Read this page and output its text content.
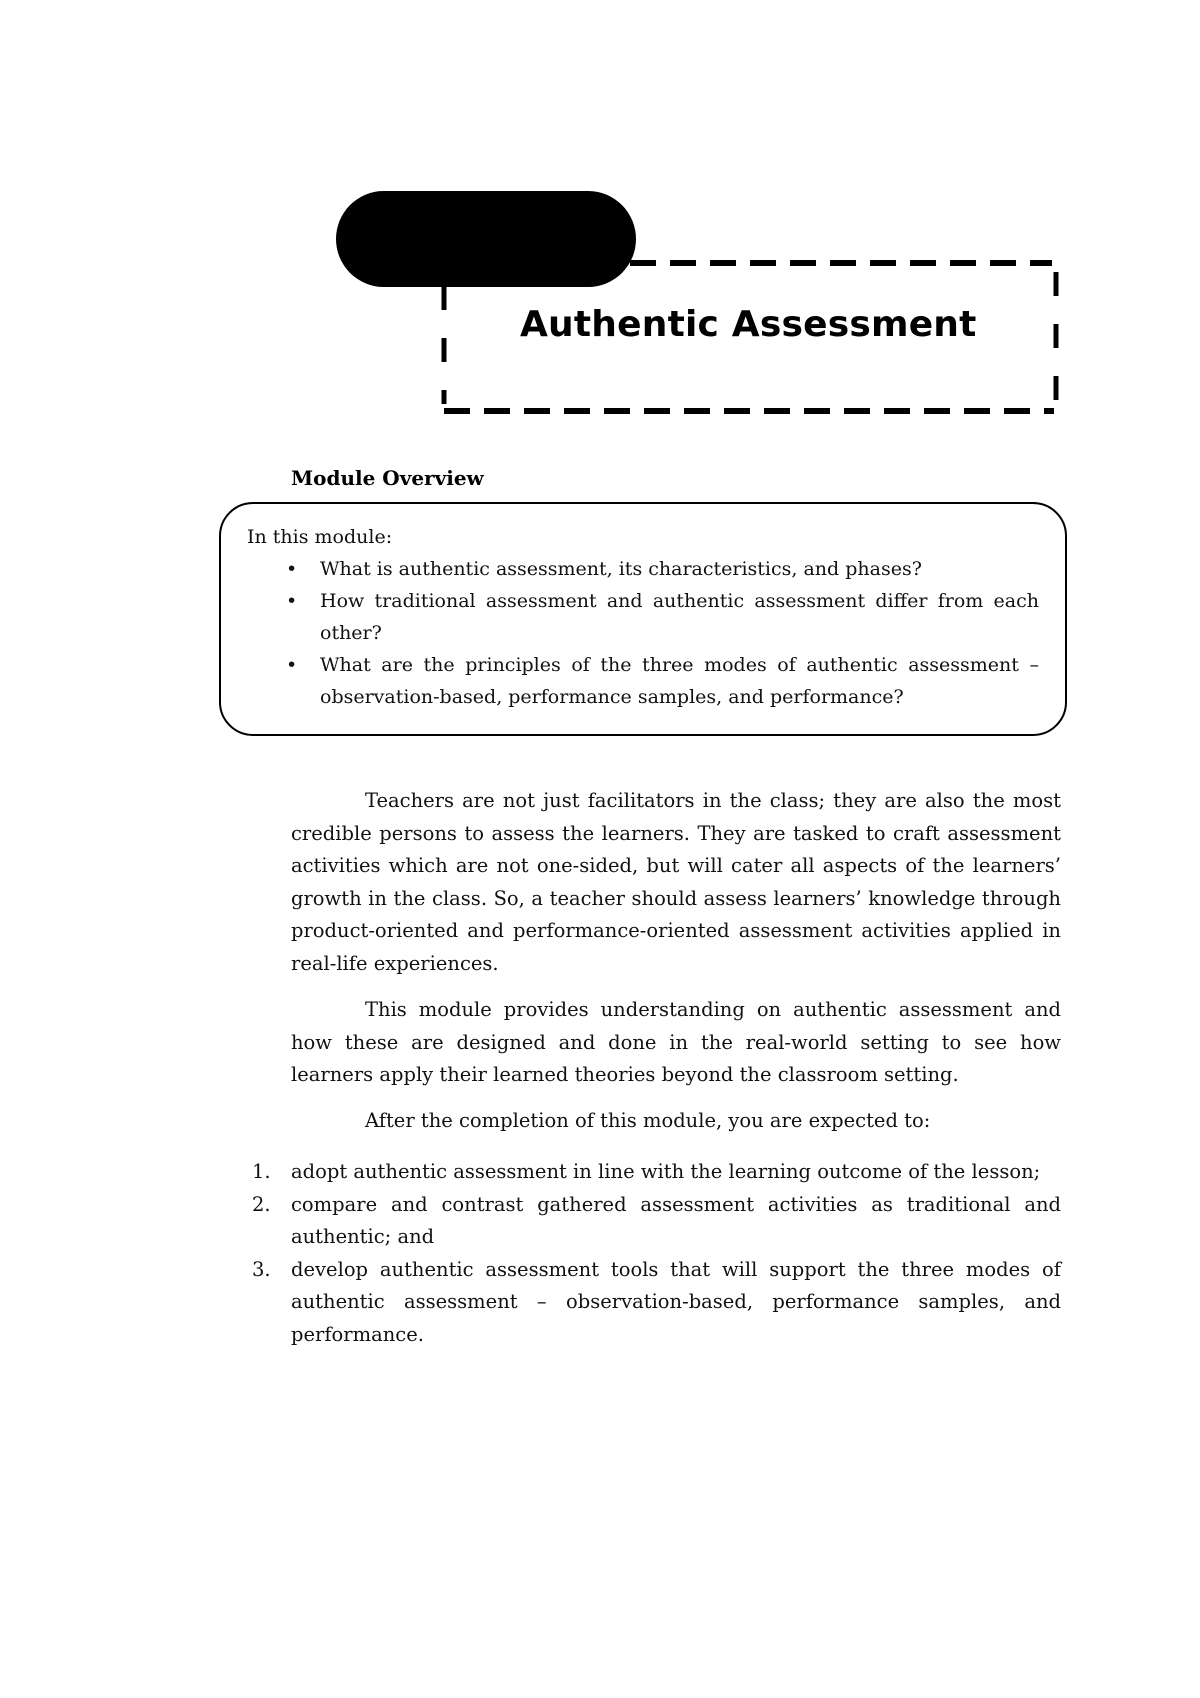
Authentic Assessment
Module Overview
In this module:
• What is authentic assessment, its characteristics, and phases?
• How traditional assessment and authentic assessment differ from each other?
• What are the principles of the three modes of authentic assessment – observation-based, performance samples, and performance?

Teachers are not just facilitators in the class; they are also the most credible persons to assess the learners. They are tasked to craft assessment activities which are not one-sided, but will cater all aspects of the learners’ growth in the class. So, a teacher should assess learners’ knowledge through product-oriented and performance-oriented assessment activities applied in real-life experiences.

This module provides understanding on authentic assessment and how these are designed and done in the real-world setting to see how learners apply their learned theories beyond the classroom setting.

After the completion of this module, you are expected to:

1. adopt authentic assessment in line with the learning outcome of the lesson;
2. compare and contrast gathered assessment activities as traditional and authentic; and
3. develop authentic assessment tools that will support the three modes of authentic assessment – observation-based, performance samples, and performance.
